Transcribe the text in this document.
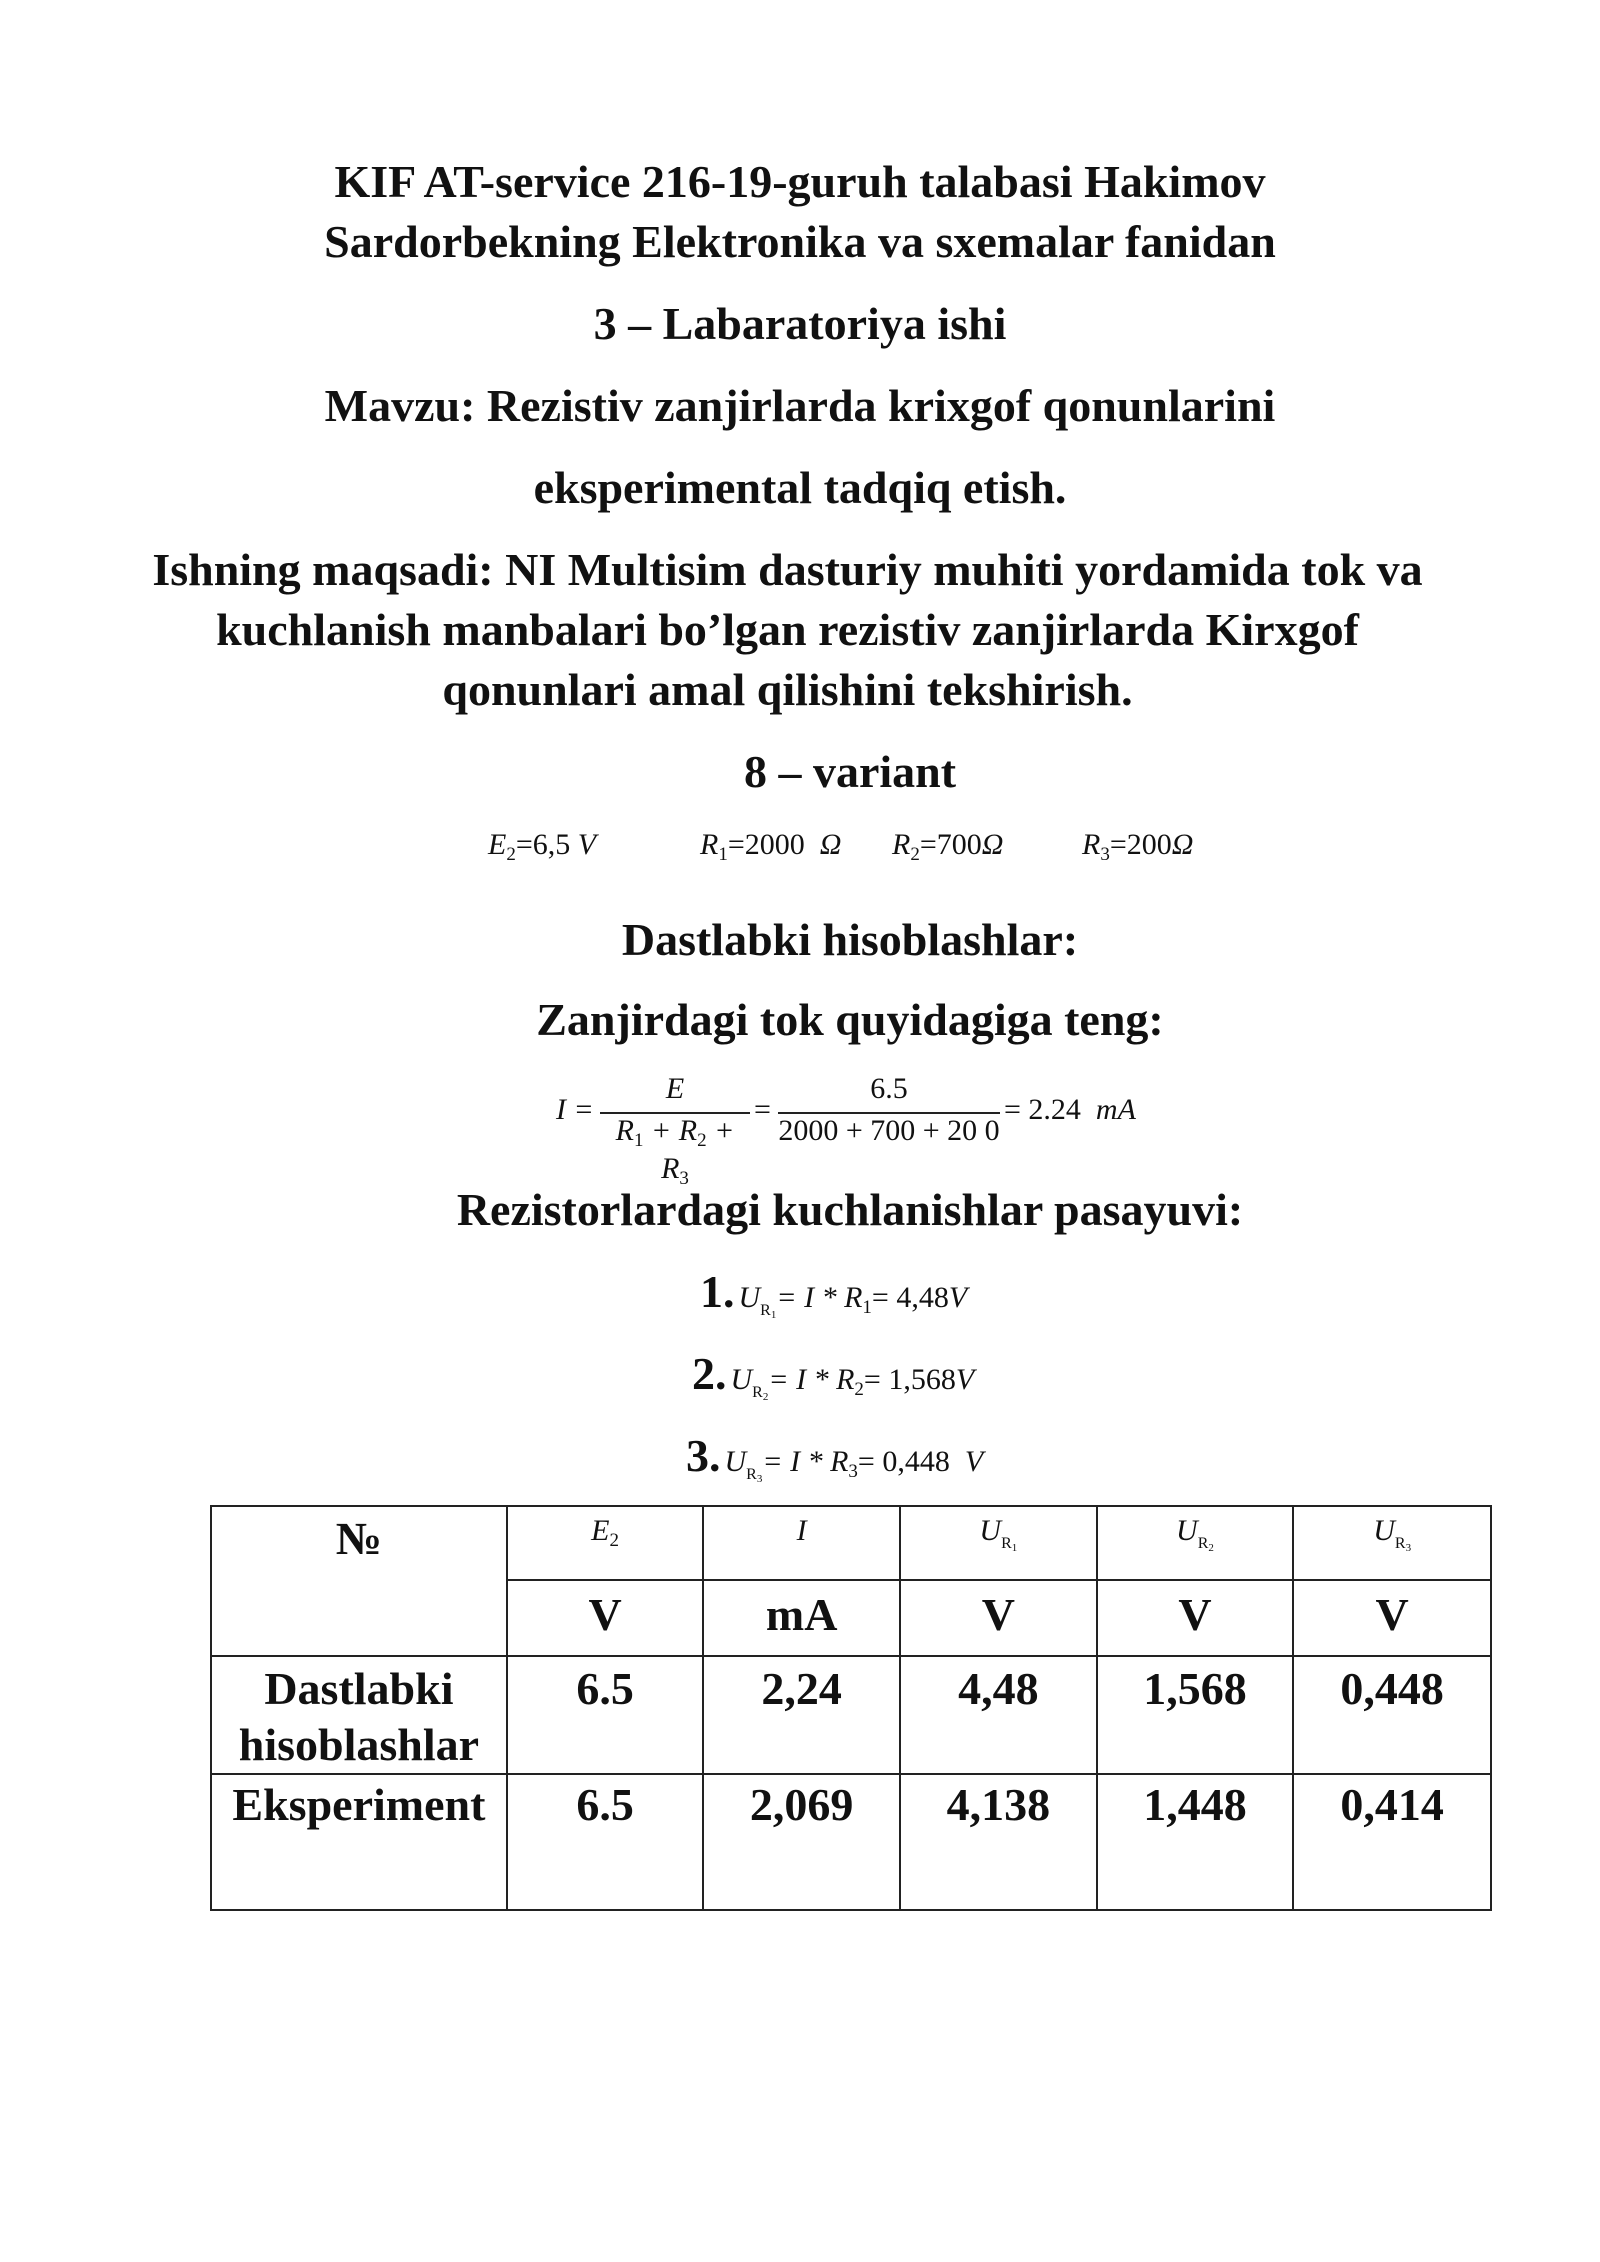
KIF AT-service 216-19-guruh talabasi Hakimov
Sardorbekning Elektronika va sxemalar fanidan
3 – Labaratoriya ishi
Mavzu: Rezistiv zanjirlarda krixgof qonunlarini
eksperimental tadqiq etish.
Ishning maqsadi: NI Multisim dasturiy muhiti yordamida tok va
kuchlanish manbalari bo’lgan rezistiv zanjirlarda Kirxgof
qonunlari amal qilishini tekshirish.
8 – variant
$E_2=6,5$ V	$R_1=2000$ Ω $R_2=700\Omega$	$R_3=200\Omega$
Dastlabki hisoblashlar:
Zanjirdagi tok quyidagiga teng:
I =
E
$R_1 + R_2 + R_3$
=
6.5
2000 + 700 + 20 0
= 2.24 mA
Rezistorlardagi kuchlanishlar pasayuvi:
1. $U_{R_1}= I * R_1= 4,48V$
2. $U_{R_2}= I * R_2= 1,568V$
3. $U_{R_3}= I * R_3= 0,448$ V
№	$E_2$	I	$U_{R_1}$	$U_{R_2}$	$U_{R_3}$
	V	mA	V	V	V

Dastlabki
hisoblashlar	6.5	2,24	4,48	1,568	0,448

Eksperiment	6.5	2,069	4,138	1,448	0,414
